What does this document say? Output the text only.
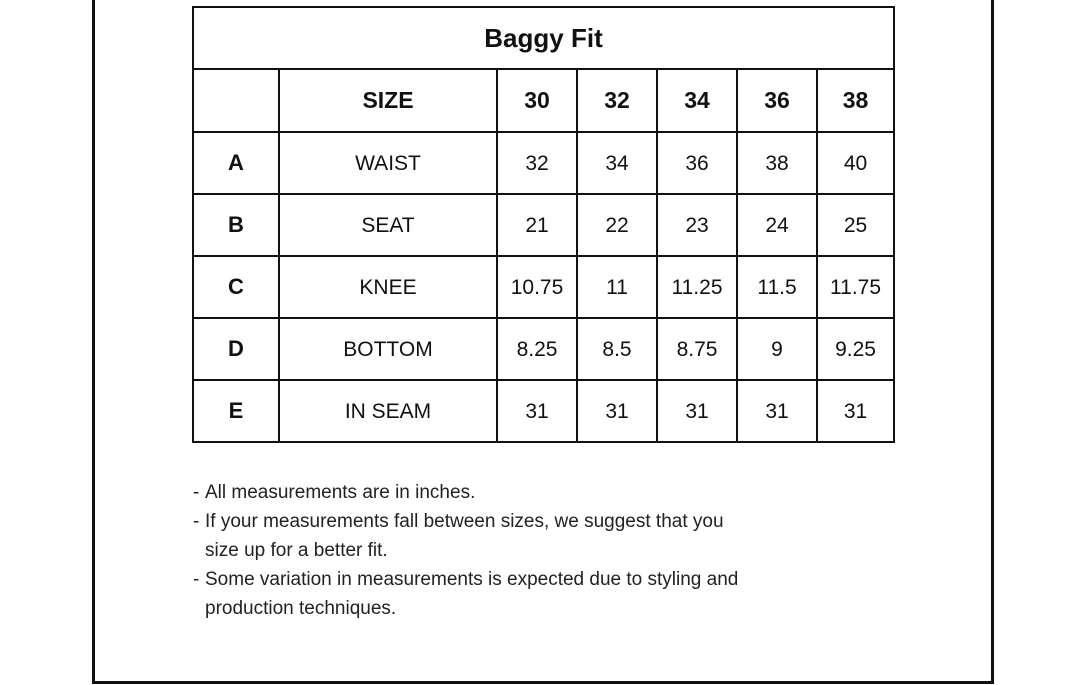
Baggy Fit						
	SIZE	30	32	34	36	38
A	WAIST	32	34	36	38	40
B	SEAT	21	22	23	24	25
C	KNEE	10.75	11	11.25	11.5	11.75
D	BOTTOM	8.25	8.5	8.75	9	9.25
E	IN SEAM	31	31	31	31	31
- All measurements are in inches.
- If your measurements fall between sizes, we suggest that you size up for a better fit.
- Some variation in measurements is expected due to styling and production techniques.
